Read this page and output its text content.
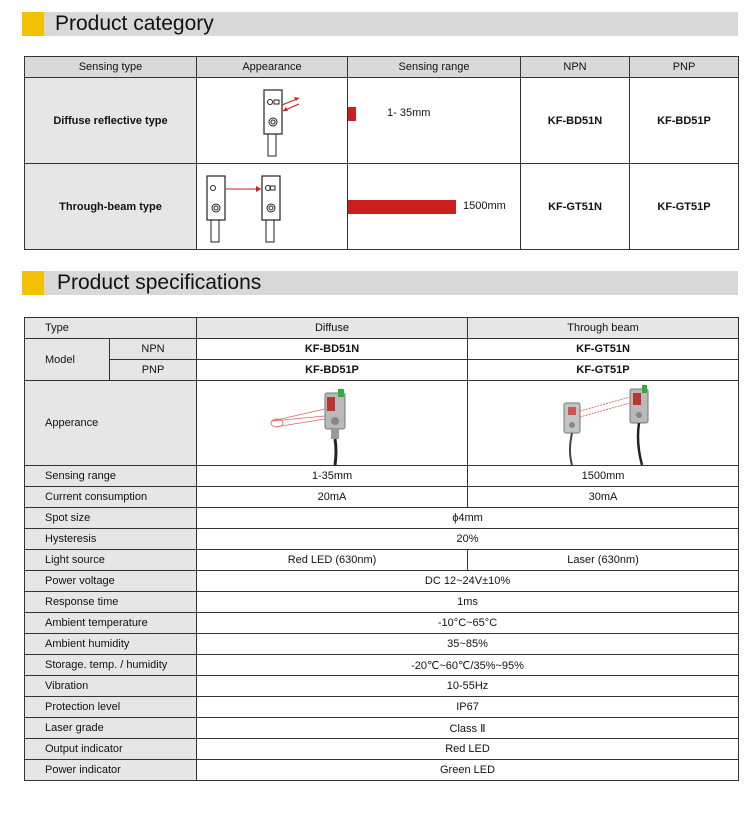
Product category
Sensing type	Appearance	Sensing range	NPN	PNP
Diffuse reflective type		1- 35mm	KF-BD51N	KF-BD51P
Through-beam type		1500mm	KF-GT51N	KF-GT51P
Product specifications
Type		Diffuse	Through beam
Model	NPN	KF-BD51N	KF-GT51N
	PNP	KF-BD51P	KF-GT51P
Apperance	

Sensing range		1-35mm	1500mm
Current consumption		20mA	30mA
Spot size		ϕ4mm	
Hysteresis		20%	
Light source		Red LED (630nm)	Laser (630nm)
Power voltage		DC 12~24V±10%	
Response time		1ms	
Ambient temperature		-10°C~65°C	
Ambient humidity		35~85%	
Storage. temp. / humidity		-20℃~60℃/35%~95%	
Vibration		10-55Hz	
Protection level		IP67	
Laser grade		Class Ⅱ	
Output indicator		Red LED	
Power indicator		Green LED	
